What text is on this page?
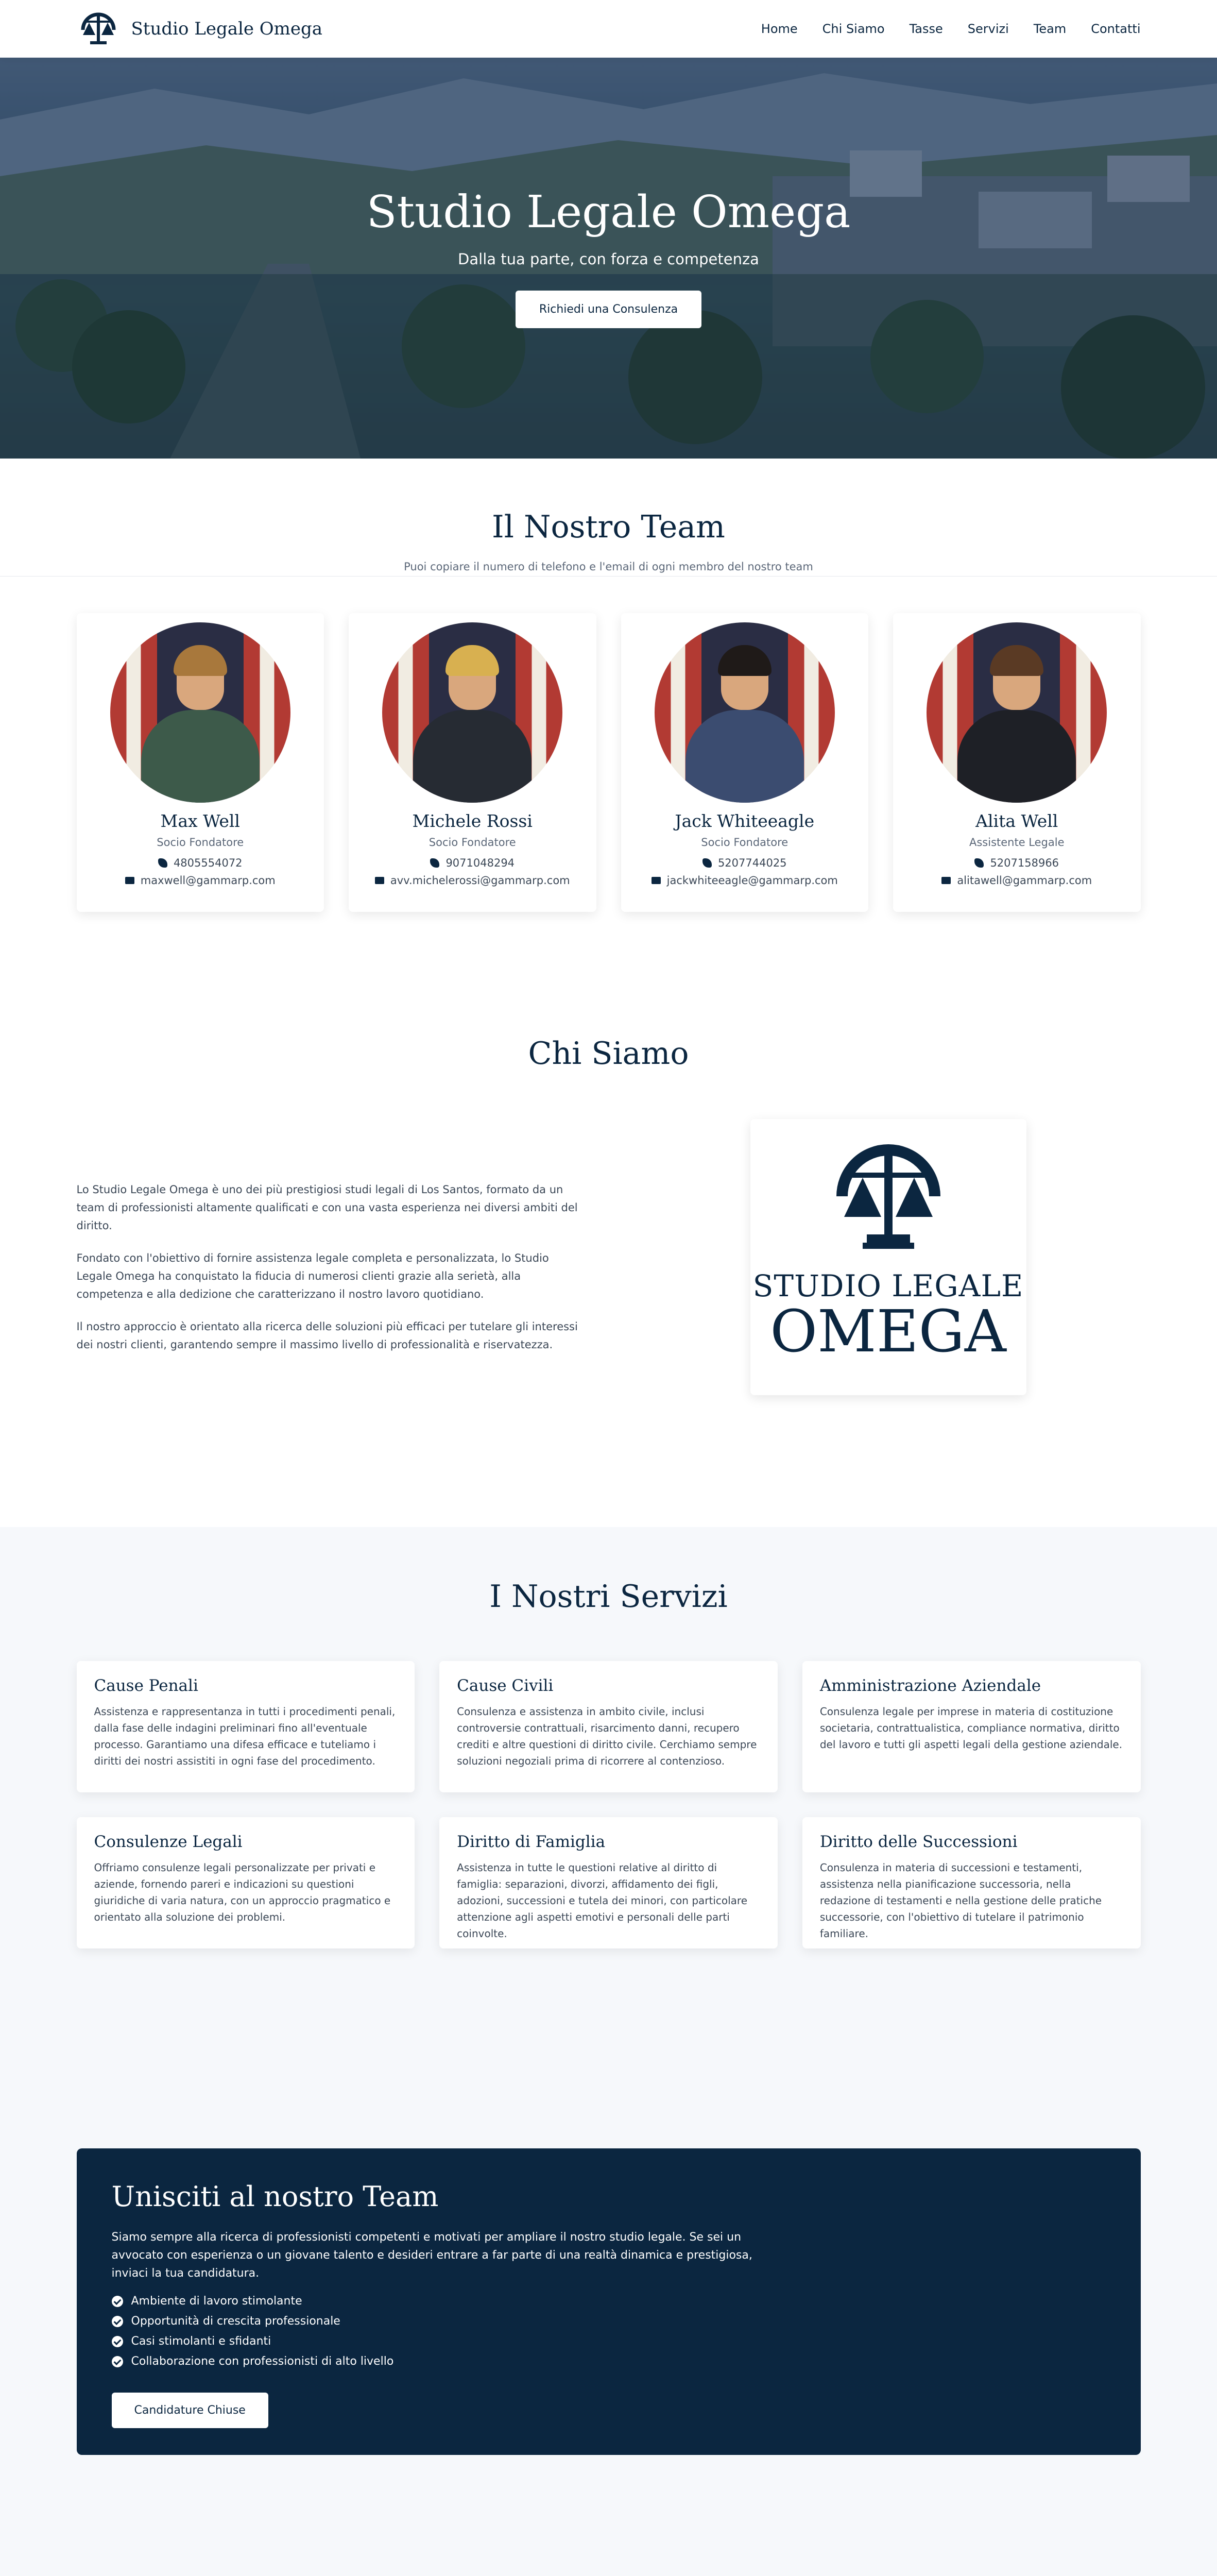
Studio Legale Omega	Home Chi Siamo Tasse Servizi Team Contatti
Studio Legale Omega

Dalla tua parte, con forza e competenza

Richiedi una Consulenza
Il Nostro Team

Puoi copiare il numero di telefono e l'email di ogni membro del nostro team

Max Well
Socio Fondatore
4805554072
maxwell@gammarp.com
Michele Rossi
Socio Fondatore
9071048294
avv.michelerossi@gammarp.com
Jack Whiteeagle
Socio Fondatore
5207744025
jackwhiteeagle@gammarp.com
Alita Well
Assistente Legale
5207158966
alitawell@gammarp.com
Chi Siamo

Lo Studio Legale Omega è uno dei più prestigiosi studi legali di Los Santos, formato da un team di professionisti altamente qualificati e con una vasta esperienza nei diversi ambiti del diritto.

Fondato con l'obiettivo di fornire assistenza legale completa e personalizzata, lo Studio Legale Omega ha conquistato la fiducia di numerosi clienti grazie alla serietà, alla competenza e alla dedizione che caratterizzano il nostro lavoro quotidiano.

Il nostro approccio è orientato alla ricerca delle soluzioni più efficaci per tutelare gli interessi dei nostri clienti, garantendo sempre il massimo livello di professionalità e riservatezza.

STUDIO LEGALE
OMEGA
I Nostri Servizi
Cause Penali

Assistenza e rappresentanza in tutti i procedimenti penali, dalla fase delle indagini preliminari fino all'eventuale processo. Garantiamo una difesa efficace e tuteliamo i diritti dei nostri assistiti in ogni fase del procedimento.

Cause Civili

Consulenza e assistenza in ambito civile, inclusi controversie contrattuali, risarcimento danni, recupero crediti e altre questioni di diritto civile. Cerchiamo sempre soluzioni negoziali prima di ricorrere al contenzioso.

Amministrazione Aziendale

Consulenza legale per imprese in materia di costituzione societaria, contrattualistica, compliance normativa, diritto del lavoro e tutti gli aspetti legali della gestione aziendale.

Consulenze Legali

Offriamo consulenze legali personalizzate per privati e aziende, fornendo pareri e indicazioni su questioni giuridiche di varia natura, con un approccio pragmatico e orientato alla soluzione dei problemi.

Diritto di Famiglia

Assistenza in tutte le questioni relative al diritto di famiglia: separazioni, divorzi, affidamento dei figli, adozioni, successioni e tutela dei minori, con particolare attenzione agli aspetti emotivi e personali delle parti coinvolte.

Diritto delle Successioni

Consulenza in materia di successioni e testamenti, assistenza nella pianificazione successoria, nella redazione di testamenti e nella gestione delle pratiche successorie, con l'obiettivo di tutelare il patrimonio familiare.

Unisciti al nostro Team

Siamo sempre alla ricerca di professionisti competenti e motivati per ampliare il nostro studio legale. Se sei un avvocato con esperienza o un giovane talento e desideri entrare a far parte di una realtà dinamica e prestigiosa, inviaci la tua candidatura.

Ambiente di lavoro stimolante
Opportunità di crescita professionale
Casi stimolanti e sfidanti
Collaborazione con professionisti di alto livello
Candidature Chiuse
